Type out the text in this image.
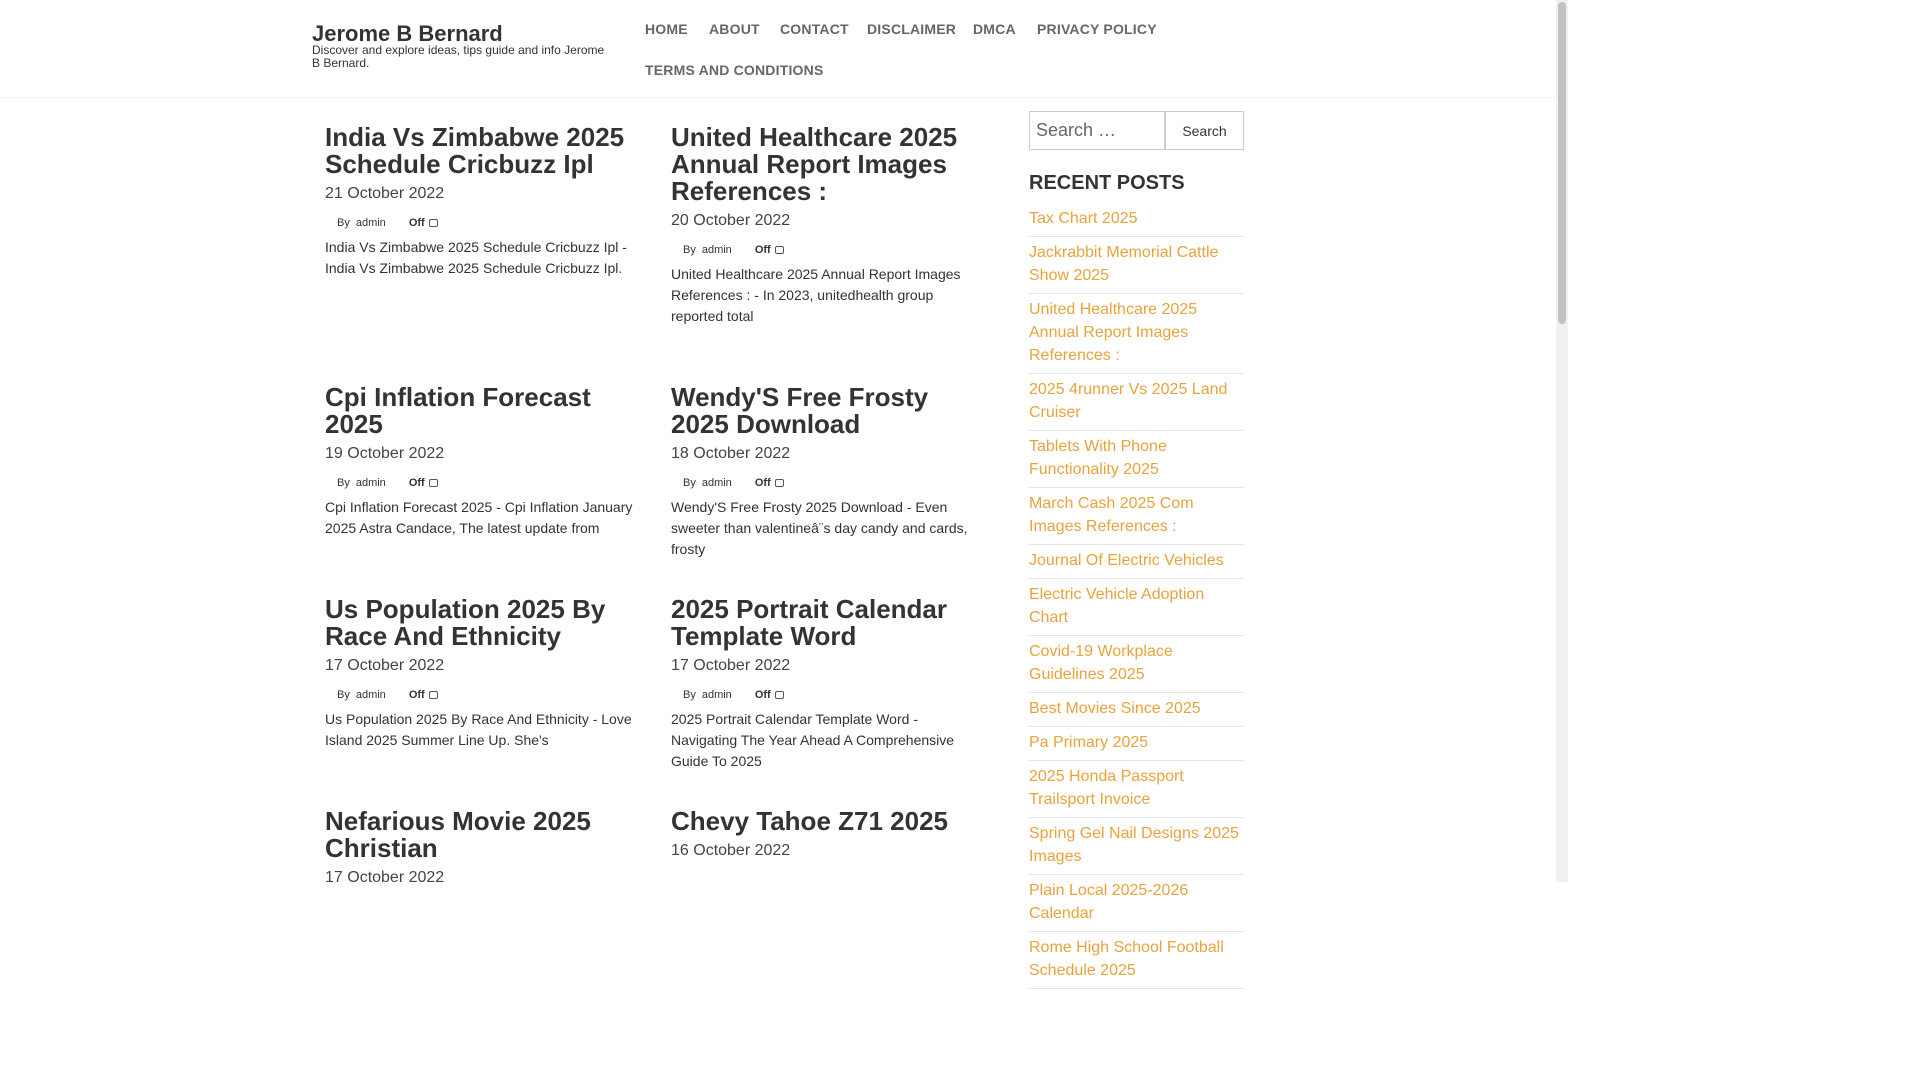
Jerome B Bernard
Discover and explore ideas, tips guide and info Jerome B Bernard.
HOME ABOUT CONTACT DISCLAIMER DMCA PRIVACY POLICY
TERMS AND CONDITIONS
India Vs Zimbabwe 2025 Schedule Cricbuzz Ipl
21 October 2022
By admin Off

India Vs Zimbabwe 2025 Schedule Cricbuzz Ipl - India Vs Zimbabwe 2025 Schedule Cricbuzz Ipl.

United Healthcare 2025 Annual Report Images References :
20 October 2022
By admin Off

United Healthcare 2025 Annual Report Images References : - In 2023, unitedhealth group reported total

Cpi Inflation Forecast 2025
19 October 2022
By admin Off

Cpi Inflation Forecast 2025 - Cpi Inflation January 2025 Astra Candace, The latest update from

Wendy'S Free Frosty 2025 Download
18 October 2022
By admin Off

Wendy'S Free Frosty 2025 Download - Even sweeter than valentineâ¨s day candy and cards, frosty

Us Population 2025 By Race And Ethnicity
17 October 2022
By admin Off

Us Population 2025 By Race And Ethnicity - Love Island 2025 Summer Line Up. She's

2025 Portrait Calendar Template Word
17 October 2022
By admin Off

2025 Portrait Calendar Template Word - Navigating The Year Ahead A Comprehensive Guide To 2025

Nefarious Movie 2025 Christian
17 October 2022
Chevy Tahoe Z71 2025
16 October 2022
Search …
Search
RECENT POSTS
Tax Chart 2025
Jackrabbit Memorial Cattle Show 2025
United Healthcare 2025 Annual Report Images References :
2025 4runner Vs 2025 Land Cruiser
Tablets With Phone Functionality 2025
March Cash 2025 Com Images References :
Journal Of Electric Vehicles
Electric Vehicle Adoption Chart
Covid-19 Workplace Guidelines 2025
Best Movies Since 2025
Pa Primary 2025
2025 Honda Passport Trailsport Invoice
Spring Gel Nail Designs 2025 Images
Plain Local 2025-2026 Calendar
Rome High School Football Schedule 2025
